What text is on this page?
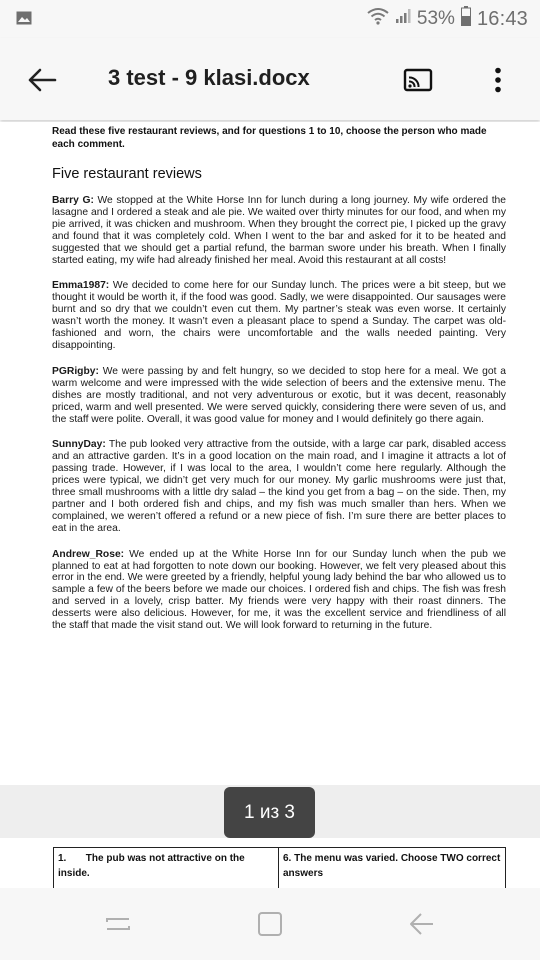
53% 16:43
3 test - 9 klasi.docx

Read these five restaurant reviews, and for questions 1 to 10, choose the person who made each comment.

Five restaurant reviews

Barry G: We stopped at the White Horse Inn for lunch during a long journey. My wife ordered the lasagne and I ordered a steak and ale pie. We waited over thirty minutes for our food, and when my pie arrived, it was chicken and mushroom. When they brought the correct pie, I picked up the gravy and found that it was completely cold. When I went to the bar and asked for it to be heated and suggested that we should get a partial refund, the barman swore under his breath. When I finally started eating, my wife had already finished her meal. Avoid this restaurant at all costs!

Emma1987: We decided to come here for our Sunday lunch. The prices were a bit steep, but we thought it would be worth it, if the food was good. Sadly, we were disappointed. Our sausages were burnt and so dry that we couldn’t even cut them. My partner’s steak was even worse. It certainly wasn’t worth the money. It wasn’t even a pleasant place to spend a Sunday. The carpet was old-fashioned and worn, the chairs were uncomfortable and the walls needed painting. Very disappointing.

PGRigby: We were passing by and felt hungry, so we decided to stop here for a meal. We got a warm welcome and were impressed with the wide selection of beers and the extensive menu. The dishes are mostly traditional, and not very adventurous or exotic, but it was decent, reasonably priced, warm and well presented. We were served quickly, considering there were seven of us, and the staff were polite. Overall, it was good value for money and I would definitely go there again.

SunnyDay: The pub looked very attractive from the outside, with a large car park, disabled access and an attractive garden. It’s in a good location on the main road, and I imagine it attracts a lot of passing trade. However, if I was local to the area, I wouldn’t come here regularly. Although the prices were typical, we didn’t get very much for our money. My garlic mushrooms were just that, three small mushrooms with a little dry salad – the kind you get from a bag – on the side. Then, my partner and I both ordered fish and chips, and my fish was much smaller than hers. When we complained, we weren’t offered a refund or a new piece of fish. I’m sure there are better places to eat in the area.

Andrew_Rose: We ended up at the White Horse Inn for our Sunday lunch when the pub we planned to eat at had forgotten to note down our booking. However, we felt very pleased about this error in the end. We were greeted by a friendly, helpful young lady behind the bar who allowed us to sample a few of the beers before we made our choices. I ordered fish and chips. The fish was fresh and served in a lovely, crisp batter. My friends were very happy with their roast dinners. The desserts were also delicious. However, for me, it was the excellent service and friendliness of all the staff that made the visit stand out. We will look forward to returning in the future.

1 из 3
1. The pub was not attractive on the inside.	6. The menu was varied. Choose TWO correct answers
